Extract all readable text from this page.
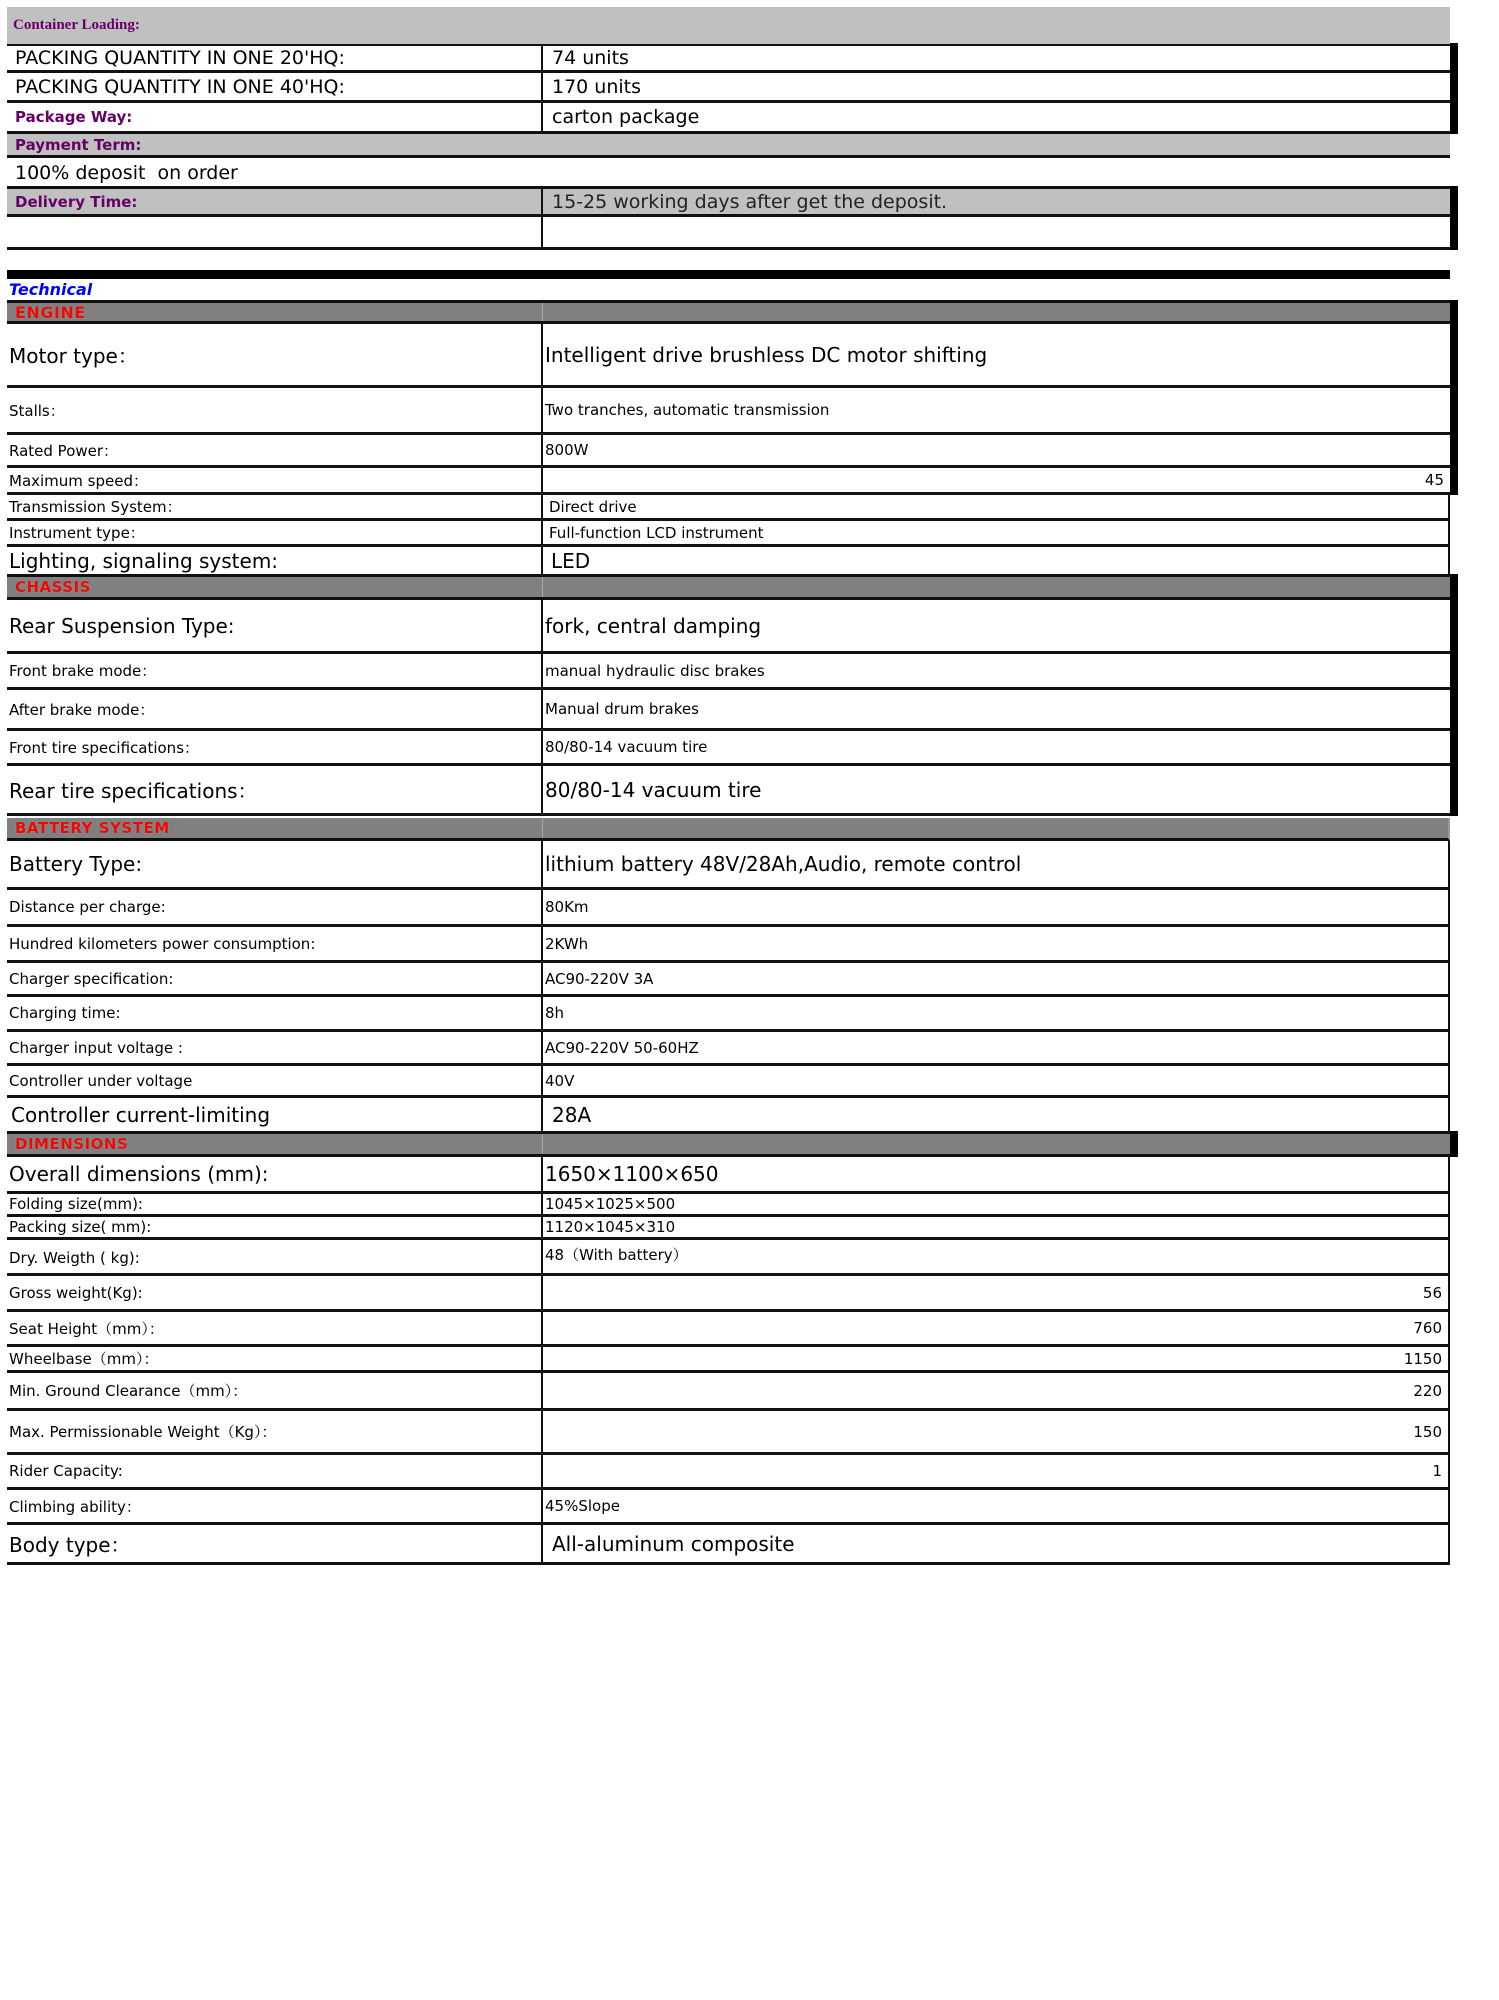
Container Loading:
PACKING QUANTITY IN ONE 20'HQ:	74 units
PACKING QUANTITY IN ONE 40'HQ:	170 units
Package Way:	carton package
Payment Term:
100% deposit  on order
Delivery Time:	15-25 working days after get the deposit.
Technical
ENGINE
Motor type：	Intelligent drive brushless DC motor shifting
Stalls：	Two tranches, automatic transmission
Rated Power：	800W
Maximum speed：	45
Transmission System：	Direct drive
Instrument type：	Full-function LCD instrument
Lighting, signaling system:	LED
CHASSIS
Rear Suspension Type:	fork, central damping
Front brake mode：	manual hydraulic disc brakes
After brake mode：	Manual drum brakes
Front tire specifications：	80/80-14 vacuum tire
Rear tire specifications：	80/80-14 vacuum tire
BATTERY SYSTEM
Battery Type:	lithium battery 48V/28Ah,Audio, remote control
Distance per charge:	80Km
Hundred kilometers power consumption:	2KWh
Charger specification:	AC90-220V 3A
Charging time:	8h
Charger input voltage :	AC90-220V 50-60HZ
Controller under voltage	40V
Controller current-limiting	28A
DIMENSIONS
Overall dimensions (mm):	1650×1100×650
Folding size(mm):	1045×1025×500
Packing size( mm):	1120×1045×310
Dry. Weigth ( kg):	48（With battery）
Gross weight(Kg):	56
Seat Height（mm）：	760
Wheelbase（mm）：	1150
Min. Ground Clearance（mm）：	220
Max. Permissionable Weight（Kg）：	150
Rider Capacity:	1
Climbing ability：	45%Slope
Body type：	All-aluminum composite
